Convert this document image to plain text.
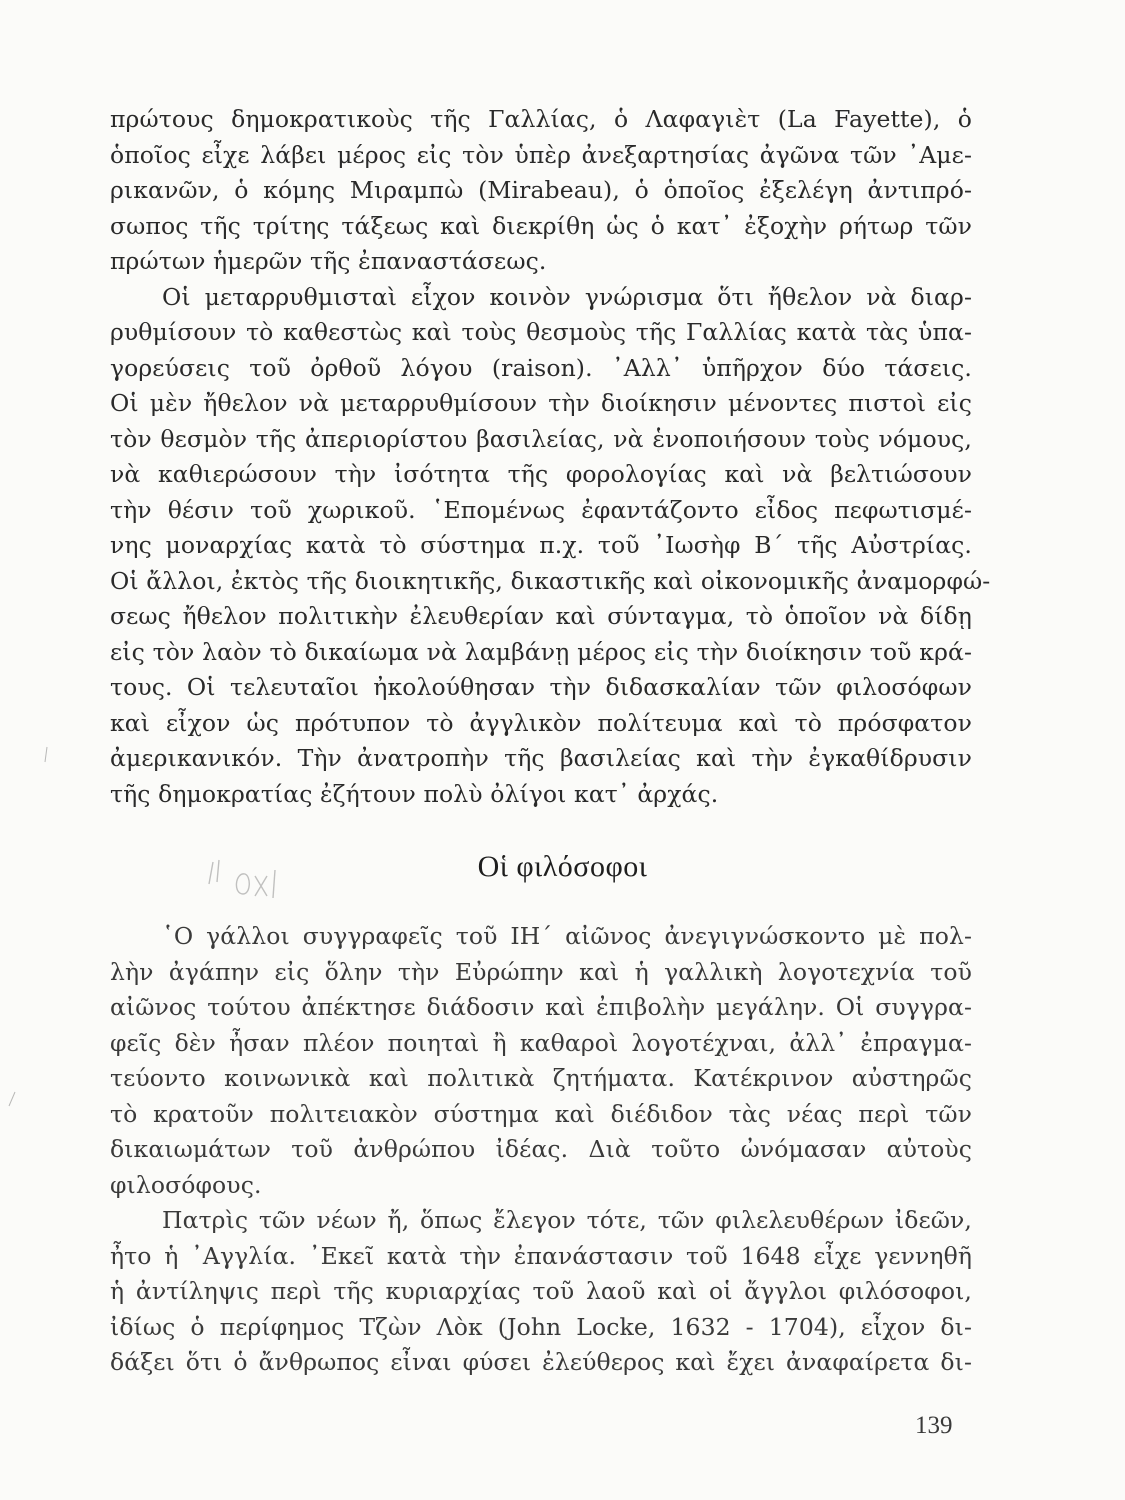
πρώτους δημοκρατικοὺς τῆς Γαλλίας, ὁ Λαφαγιὲτ (La Fayette), ὁ
ὁποῖος εἶχε λάβει μέρος εἰς τὸν ὑπὲρ ἀνεξαρτησίας ἀγῶνα τῶν ᾿Αμε-
ρικανῶν, ὁ κόμης Μιραμπὼ (Mirabeau), ὁ ὁποῖος ἐξελέγη ἀντιπρό-
σωπος τῆς τρίτης τάξεως καὶ διεκρίθη ὡς ὁ κατ᾿ ἐξοχὴν ρήτωρ τῶν
πρώτων ἡμερῶν τῆς ἐπαναστάσεως.
Οἱ μεταρρυθμισταὶ εἶχον κοινὸν γνώρισμα ὅτι ἤθελον νὰ διαρ-
ρυθμίσουν τὸ καθεστὼς καὶ τοὺς θεσμοὺς τῆς Γαλλίας κατὰ τὰς ὑπα-
γορεύσεις τοῦ ὀρθοῦ λόγου (raison). ᾿Αλλ᾿ ὑπῆρχον δύο τάσεις.
Οἱ μὲν ἤθελον νὰ μεταρρυθμίσουν τὴν διοίκησιν μένοντες πιστοὶ εἰς
τὸν θεσμὸν τῆς ἀπεριορίστου βασιλείας, νὰ ἑνοποιήσουν τοὺς νόμους,
νὰ καθιερώσουν τὴν ἰσότητα τῆς φορολογίας καὶ νὰ βελτιώσουν
τὴν θέσιν τοῦ χωρικοῦ. ῾Επομένως ἐφαντάζοντο εἶδος πεφωτισμέ-
νης μοναρχίας κατὰ τὸ σύστημα π.χ. τοῦ ᾿Ιωσὴφ Β΄ τῆς Αὐστρίας.
Οἱ ἄλλοι, ἐκτὸς τῆς διοικητικῆς, δικαστικῆς καὶ οἰκονομικῆς ἀναμορφώ-
σεως ἤθελον πολιτικὴν ἐλευθερίαν καὶ σύνταγμα, τὸ ὁποῖον νὰ δίδῃ
εἰς τὸν λαὸν τὸ δικαίωμα νὰ λαμβάνῃ μέρος εἰς τὴν διοίκησιν τοῦ κρά-
τους. Οἱ τελευταῖοι ἠκολούθησαν τὴν διδασκαλίαν τῶν φιλοσόφων
καὶ εἶχον ὡς πρότυπον τὸ ἀγγλικὸν πολίτευμα καὶ τὸ πρόσφατον
ἀμερικανικόν. Τὴν ἀνατροπὴν τῆς βασιλείας καὶ τὴν ἐγκαθίδρυσιν
τῆς δημοκρατίας ἐζήτουν πολὺ ὀλίγοι κατ᾿ ἀρχάς.
Οἱ φιλόσοφοι
῾Ο γάλλοι συγγραφεῖς τοῦ ΙΗ΄ αἰῶνος ἀνεγιγνώσκοντο μὲ πολ-
λὴν ἀγάπην εἰς ὅλην τὴν Εὐρώπην καὶ ἡ γαλλικὴ λογοτεχνία τοῦ
αἰῶνος τούτου ἀπέκτησε διάδοσιν καὶ ἐπιβολὴν μεγάλην. Οἱ συγγρα-
φεῖς δὲν ἦσαν πλέον ποιηταὶ ἢ καθαροὶ λογοτέχναι, ἀλλ᾿ ἐπραγμα-
τεύοντο κοινωνικὰ καὶ πολιτικὰ ζητήματα. Κατέκρινον αὐστηρῶς
τὸ κρατοῦν πολιτειακὸν σύστημα καὶ διέδιδον τὰς νέας περὶ τῶν
δικαιωμάτων τοῦ ἀνθρώπου ἰδέας. Διὰ τοῦτο ὠνόμασαν αὐτοὺς
φιλοσόφους.
Πατρὶς τῶν νέων ἤ, ὅπως ἔλεγον τότε, τῶν φιλελευθέρων ἰδεῶν,
ἦτο ἡ ᾿Αγγλία. ᾿Εκεῖ κατὰ τὴν ἐπανάστασιν τοῦ 1648 εἶχε γεννηθῆ
ἡ ἀντίληψις περὶ τῆς κυριαρχίας τοῦ λαοῦ καὶ οἱ ἄγγλοι φιλόσοφοι,
ἰδίως ὁ περίφημος Τζὼν Λὸκ (John Locke, 1632 - 1704), εἶχον δι-
δάξει ὅτι ὁ ἄνθρωπος εἶναι φύσει ἐλεύθερος καὶ ἔχει ἀναφαίρετα δι-
139
